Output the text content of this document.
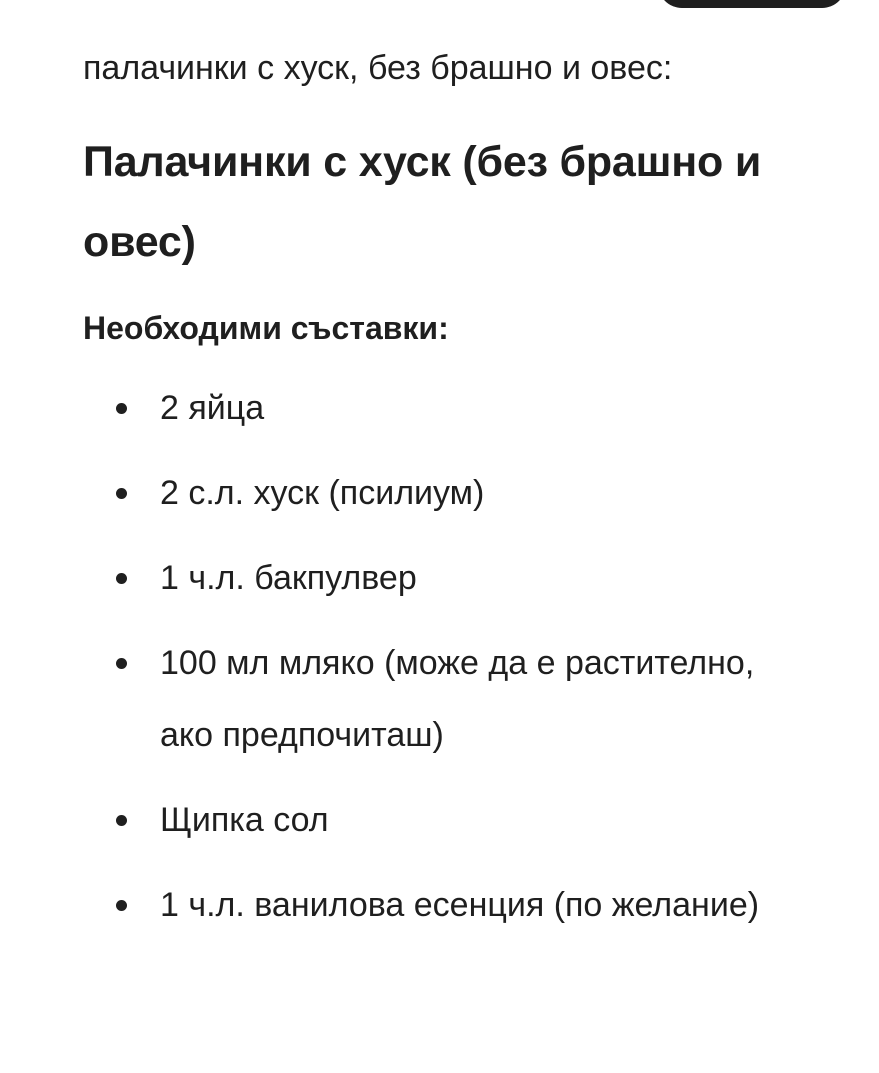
палачинки с хуск, без брашно и овес:

Палачинки с хуск (без брашно и овес)
Необходими съставки:
2 яйца
2 с.л. хуск (псилиум)
1 ч.л. бакпулвер
100 мл мляко (може да е растително, ако предпочиташ)
Щипка сол
1 ч.л. ванилова есенция (по желание)
